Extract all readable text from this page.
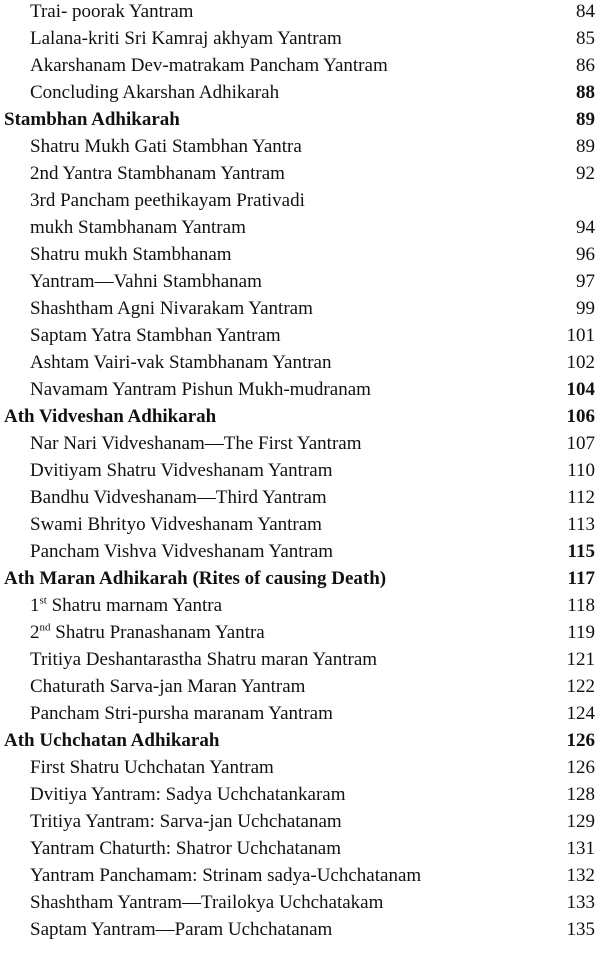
Trai- poorak Yantram	84
Lalana-kriti Sri Kamraj akhyam Yantram	85
Akarshanam Dev-matrakam Pancham Yantram	86
Concluding Akarshan Adhikarah	88
Stambhan Adhikarah	89
Shatru Mukh Gati Stambhan Yantra	89
2nd Yantra Stambhanam Yantram	92
3rd Pancham peethikayam Prativadi
mukh Stambhanam Yantram	94
Shatru mukh Stambhanam	96
Yantram—Vahni Stambhanam	97
Shashtham Agni Nivarakam Yantram	99
Saptam Yatra Stambhan Yantram	101
Ashtam Vairi-vak Stambhanam Yantran	102
Navamam Yantram Pishun Mukh-mudranam	104
Ath Vidveshan Adhikarah	106
Nar Nari Vidveshanam—The First Yantram	107
Dvitiyam Shatru Vidveshanam Yantram	110
Bandhu Vidveshanam—Third Yantram	112
Swami Bhrityo Vidveshanam Yantram	113
Pancham Vishva Vidveshanam Yantram	115
Ath Maran Adhikarah (Rites of causing Death)	117
1st Shatru marnam Yantra	118
2nd Shatru Pranashanam Yantra	119
Tritiya Deshantarastha Shatru maran Yantram	121
Chaturath Sarva-jan Maran Yantram	122
Pancham Stri-pursha maranam Yantram	124
Ath Uchchatan Adhikarah	126
First Shatru Uchchatan Yantram	126
Dvitiya Yantram: Sadya Uchchatankaram	128
Tritiya Yantram: Sarva-jan Uchchatanam	129
Yantram Chaturth: Shatror Uchchatanam	131
Yantram Panchamam: Strinam sadya-Uchchatanam	132
Shashtham Yantram—Trailokya Uchchatakam	133
Saptam Yantram—Param Uchchatanam	135
